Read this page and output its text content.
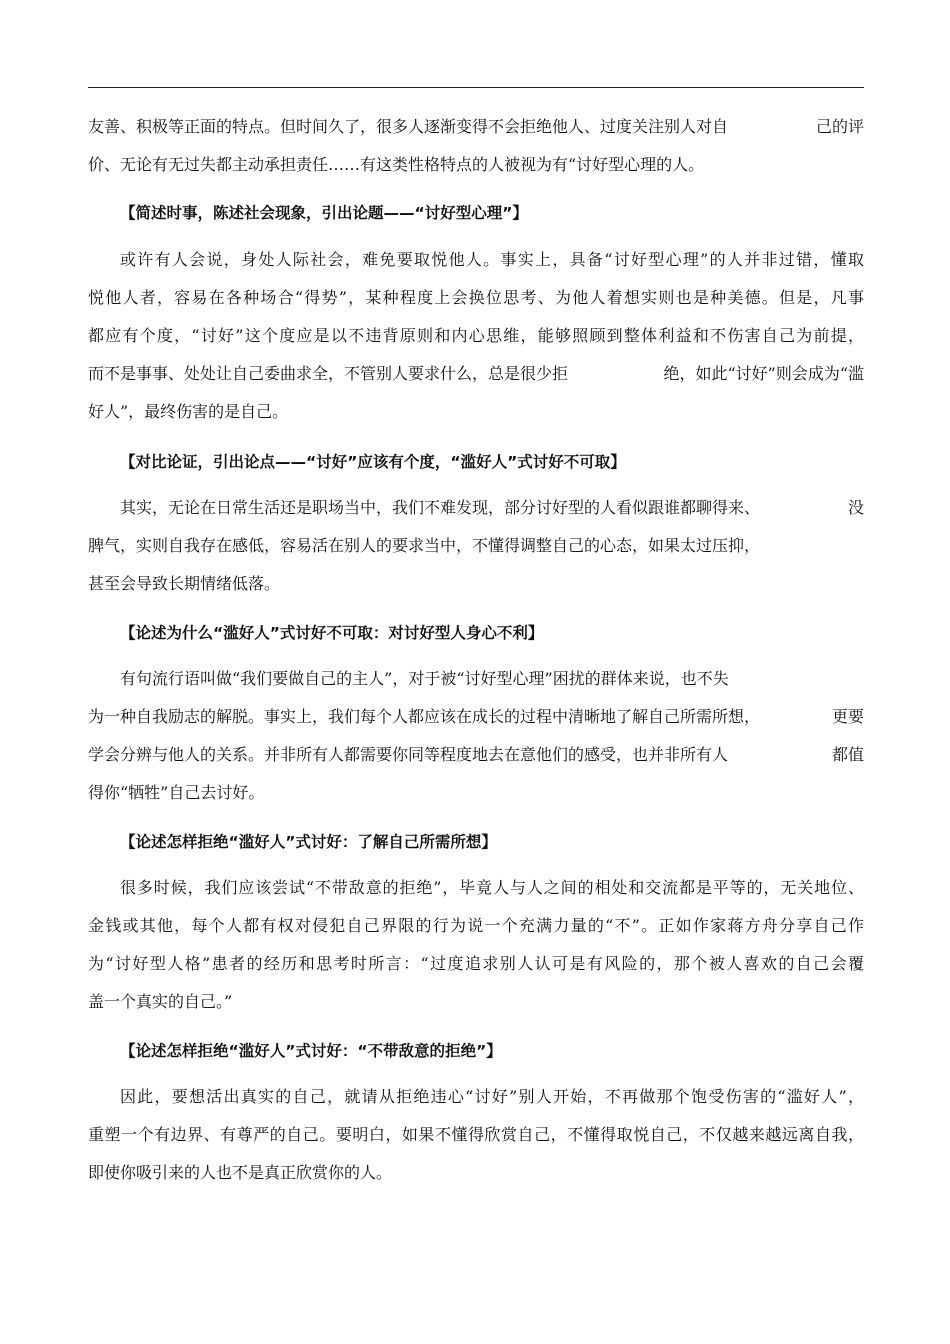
友善、积极等正面的特点。但时间久了，很多人逐渐变得不会拒绝他人、过度关注别人对自	己的评
价、无论有无过失都主动承担责任……有这类性格特点的人被视为有“讨好型心理的人。
【简述时事，陈述社会现象，引出论题——“讨好型心理”】
或许有人会说，身处人际社会，难免要取悦他人。事实上，具备“讨好型心理”的人并非过错，懂取
悦他人者，容易在各种场合“得势”，某种程度上会换位思考、为他人着想实则也是种美德。但是，凡事
都应有个度，“讨好”这个度应是以不违背原则和内心思维，能够照顾到整体利益和不伤害自己为前提，
而不是事事、处处让自己委曲求全，不管别人要求什么，总是很少拒	绝，如此“讨好”则会成为“滥
好人”，最终伤害的是自己。
【对比论证，引出论点——“讨好”应该有个度，“滥好人”式讨好不可取】
其实，无论在日常生活还是职场当中，我们不难发现，部分讨好型的人看似跟谁都聊得来、	没
脾气，实则自我存在感低，容易活在别人的要求当中，不懂得调整自己的心态，如果太过压抑，
甚至会导致长期情绪低落。
【论述为什么“滥好人”式讨好不可取：对讨好型人身心不利】
有句流行语叫做“我们要做自己的主人”，对于被“讨好型心理”困扰的群体来说，也不失
为一种自我励志的解脱。事实上，我们每个人都应该在成长的过程中清晰地了解自己所需所想，	更要
学会分辨与他人的关系。并非所有人都需要你同等程度地去在意他们的感受，也并非所有人	都值
得你“牺牲”自己去讨好。
【论述怎样拒绝“滥好人”式讨好：了解自己所需所想】
很多时候，我们应该尝试“不带敌意的拒绝”，毕竟人与人之间的相处和交流都是平等的，无关地位、
金钱或其他，每个人都有权对侵犯自己界限的行为说一个充满力量的“不”。正如作家蒋方舟分享自己作
为“讨好型人格”患者的经历和思考时所言：“过度追求别人认可是有风险的，那个被人喜欢的自己会覆
盖一个真实的自己。”
【论述怎样拒绝“滥好人”式讨好：“不带敌意的拒绝”】
因此，要想活出真实的自己，就请从拒绝违心“讨好”别人开始，不再做那个饱受伤害的“滥好人”，
重塑一个有边界、有尊严的自己。要明白，如果不懂得欣赏自己，不懂得取悦自己，不仅越来越远离自我，
即使你吸引来的人也不是真正欣赏你的人。
